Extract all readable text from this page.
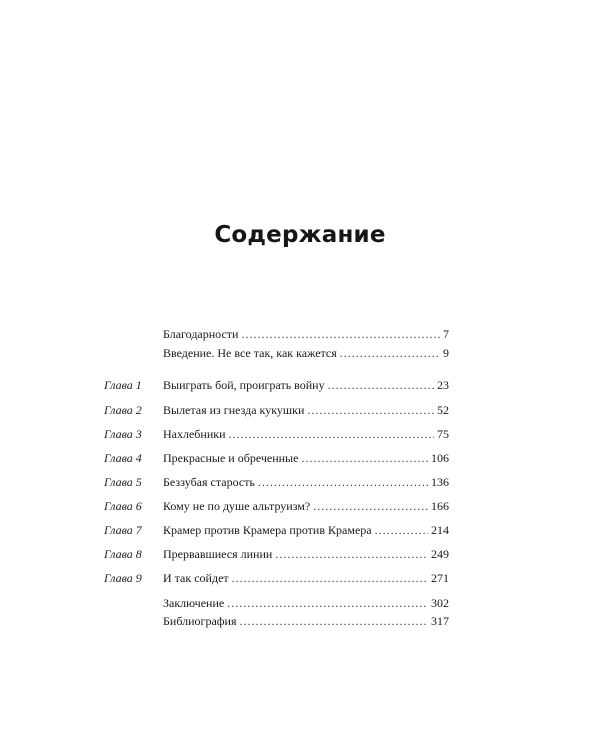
Содержание
Благодарности .....	7
Введение. Не все так, как кажется .....	9
Глава 1	Выиграть бой, проиграть войну .....	23
Глава 2	Вылетая из гнезда кукушки .....	52
Глава 3	Нахлебники .....	75
Глава 4	Прекрасные и обреченные .....	106
Глава 5	Беззубая старость .....	136
Глава 6	Кому не по душе альтруизм? .....	166
Глава 7	Крамер против Крамера против Крамера .....	214
Глава 8	Прервавшиеся линии .....	249
Глава 9	И так сойдет .....	271
Заключение .....	302
Библиография .....	317
